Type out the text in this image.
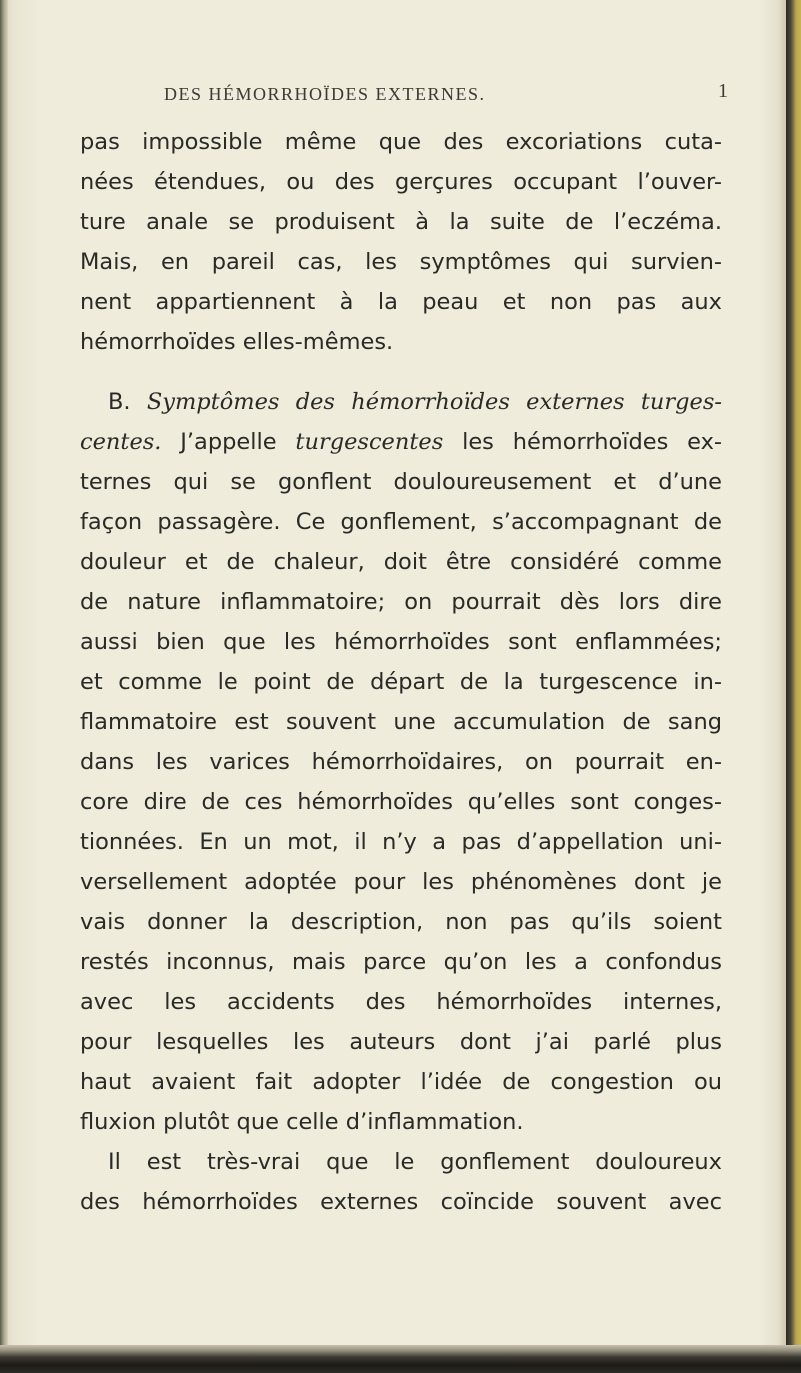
DES HÉMORRHOÏDES EXTERNES.	1
pas impossible même que des excoriations cuta-
nées étendues, ou des gerçures occupant l’ouver-
ture anale se produisent à la suite de l’eczéma.
Mais, en pareil cas, les symptômes qui survien-
nent appartiennent à la peau et non pas aux
hémorrhoïdes elles-mêmes.
B. Symptômes des hémorrhoïdes externes turges-
centes. J’appelle turgescentes les hémorrhoïdes ex-
ternes qui se gonflent douloureusement et d’une
façon passagère. Ce gonflement, s’accompagnant de
douleur et de chaleur, doit être considéré comme
de nature inflammatoire; on pourrait dès lors dire
aussi bien que les hémorrhoïdes sont enflammées;
et comme le point de départ de la turgescence in-
flammatoire est souvent une accumulation de sang
dans les varices hémorrhoïdaires, on pourrait en-
core dire de ces hémorrhoïdes qu’elles sont conges-
tionnées. En un mot, il n’y a pas d’appellation uni-
versellement adoptée pour les phénomènes dont je
vais donner la description, non pas qu’ils soient
restés inconnus, mais parce qu’on les a confondus
avec les accidents des hémorrhoïdes internes,
pour lesquelles les auteurs dont j’ai parlé plus
haut avaient fait adopter l’idée de congestion ou
fluxion plutôt que celle d’inflammation.
Il est très-vrai que le gonflement douloureux
des hémorrhoïdes externes coïncide souvent avec
